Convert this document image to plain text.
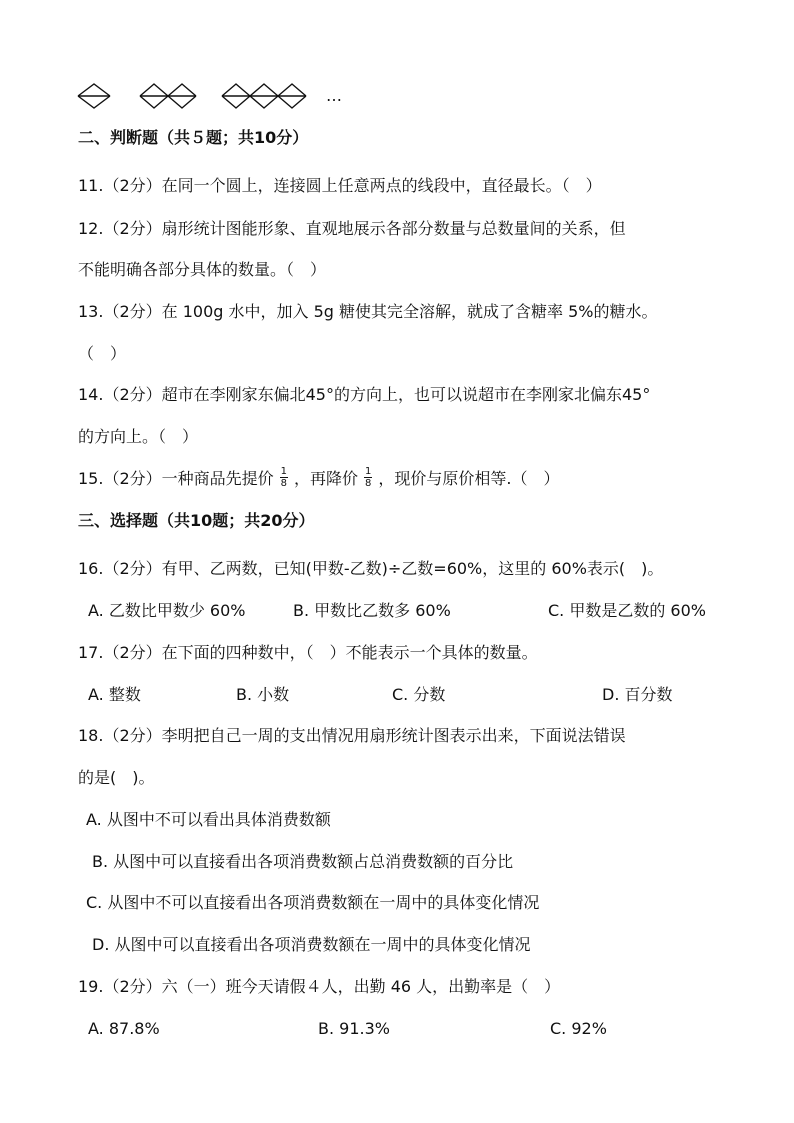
…
二、判断题（共５题；共10分）
11.（2分）在同一个圆上，连接圆上任意两点的线段中，直径最长。（　）
12.（2分）扇形统计图能形象、直观地展示各部分数量与总数量间的关系，但
不能明确各部分具体的数量。（　）
13.（2分）在 100g 水中，加入 5g 糖使其完全溶解，就成了含糖率 5%的糖水。
（　）
14.（2分）超市在李刚家东偏北45°的方向上，也可以说超市在李刚家北偏东45°
的方向上。（　）
15.（2分）一种商品先提价 $\frac{1}{8}$ ，再降价 $\frac{1}{8}$ ，现价与原价相等.（　）
三、选择题（共10题；共20分）
16.（2分）有甲、乙两数，已知(甲数-乙数)÷乙数=60%，这里的 60%表示(　)。
A. 乙数比甲数少 60%	B. 甲数比乙数多 60%	C. 甲数是乙数的 60%
17.（2分）在下面的四种数中，（　）不能表示一个具体的数量。
A. 整数	B. 小数	C. 分数	D. 百分数
18.（2分）李明把自己一周的支出情况用扇形统计图表示出来，下面说法错误
的是(　)。
A. 从图中不可以看出具体消费数额
B. 从图中可以直接看出各项消费数额占总消费数额的百分比
C. 从图中不可以直接看出各项消费数额在一周中的具体变化情况
D. 从图中可以直接看出各项消费数额在一周中的具体变化情况
19.（2分）六（一）班今天请假４人，出勤 46 人，出勤率是（　）
A. 87.8%	B. 91.3%	C. 92%
